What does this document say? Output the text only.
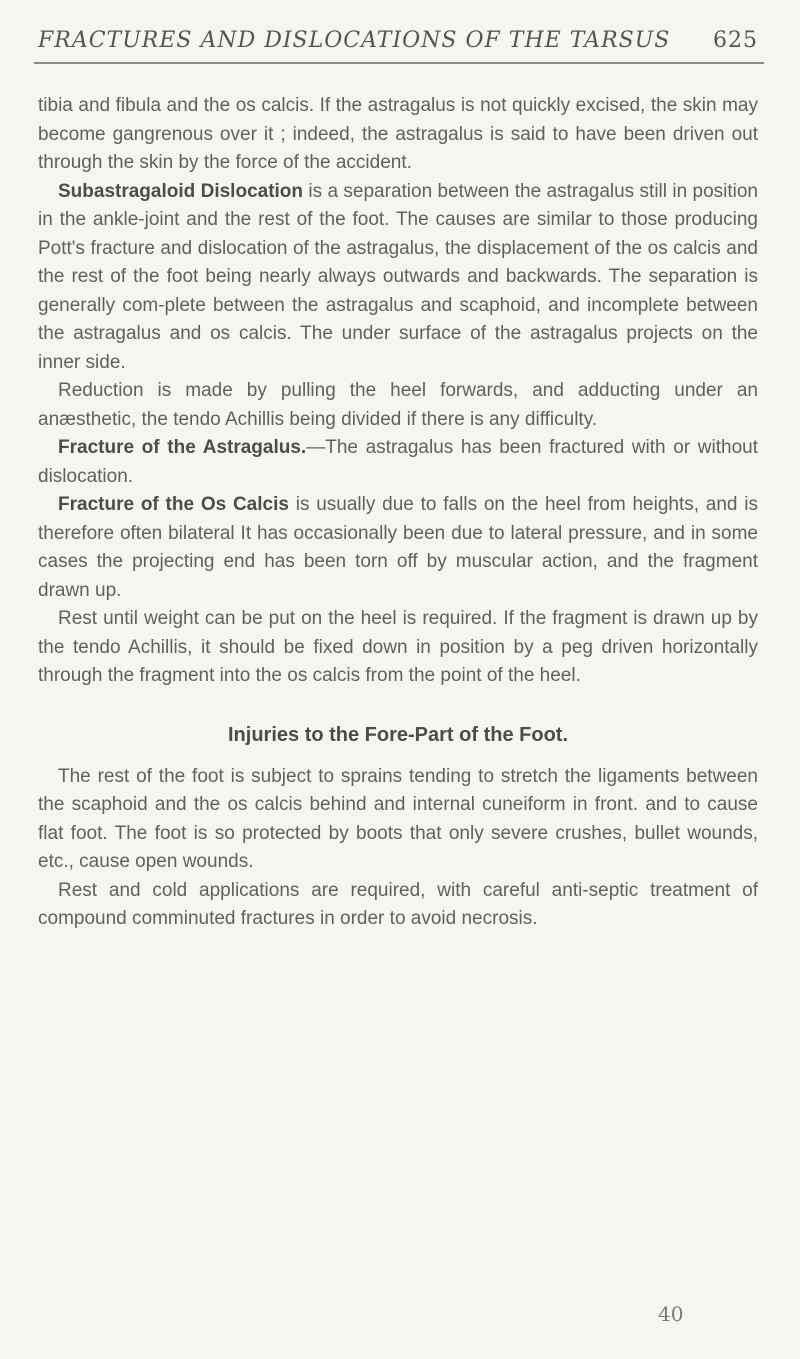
FRACTURES AND DISLOCATIONS OF THE TARSUS	625

tibia and fibula and the os calcis. If the astragalus is not quickly excised, the skin may become gangrenous over it ; indeed, the astragalus is said to have been driven out through the skin by the force of the accident.

Subastragaloid Dislocation is a separation between the astragalus still in position in the ankle-joint and the rest of the foot. The causes are similar to those producing Pott's fracture and dislocation of the astragalus, the displacement of the os calcis and the rest of the foot being nearly always outwards and backwards. The separation is generally com-plete between the astragalus and scaphoid, and incomplete between the astragalus and os calcis. The under surface of the astragalus projects on the inner side.

Reduction is made by pulling the heel forwards, and adducting under an anæsthetic, the tendo Achillis being divided if there is any difficulty.

Fracture of the Astragalus.—The astragalus has been fractured with or without dislocation.

Fracture of the Os Calcis is usually due to falls on the heel from heights, and is therefore often bilateral It has occasionally been due to lateral pressure, and in some cases the projecting end has been torn off by muscular action, and the fragment drawn up.

Rest until weight can be put on the heel is required. If the fragment is drawn up by the tendo Achillis, it should be fixed down in position by a peg driven horizontally through the fragment into the os calcis from the point of the heel.

Injuries to the Fore-Part of the Foot.

The rest of the foot is subject to sprains tending to stretch the ligaments between the scaphoid and the os calcis behind and internal cuneiform in front. and to cause flat foot. The foot is so protected by boots that only severe crushes, bullet wounds, etc., cause open wounds.

Rest and cold applications are required, with careful anti-septic treatment of compound comminuted fractures in order to avoid necrosis.

40
